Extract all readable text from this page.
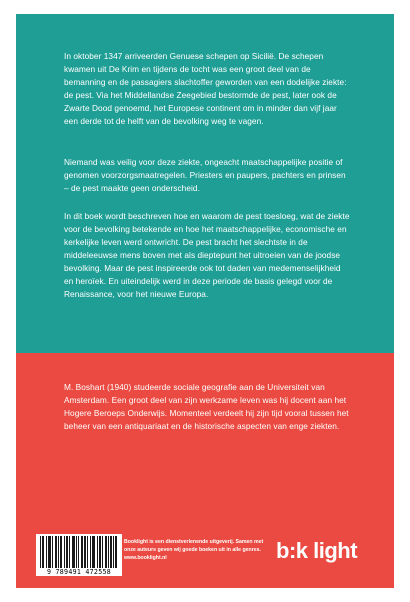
In oktober 1347 arriveerden Genuese schepen op Sicilië. De schepen kwamen uit De Krim en tijdens de tocht was een groot deel van de bemanning en de passagiers slachtoffer geworden van een dodelijke ziekte: de pest. Via het Middellandse Zeegebied bestormde de pest, later ook de Zwarte Dood genoemd, het Europese continent om in minder dan vijf jaar een derde tot de helft van de bevolking weg te vagen.

Niemand was veilig voor deze ziekte, ongeacht maatschappelijke positie of genomen voorzorgsmaatregelen. Priesters en paupers, pachters en prinsen – de pest maakte geen onderscheid.

In dit boek wordt beschreven hoe en waarom de pest toesloeg, wat de ziekte voor de bevolking betekende en hoe het maatschappelijke, economische en kerkelijke leven werd ontwricht. De pest bracht het slechtste in de middeleeuwse mens boven met als dieptepunt het uitroeien van de joodse bevolking. Maar de pest inspireerde ook tot daden van medemenselijkheid en heroïek. En uiteindelijk werd in deze periode de basis gelegd voor de Renaissance, voor het nieuwe Europa.

M. Boshart (1940) studeerde sociale geografie aan de Universiteit van Amsterdam. Een groot deel van zijn werkzame leven was hij docent aan het Hogere Beroeps Onderwijs. Momenteel verdeelt hij zijn tijd vooral tussen het beheer van een antiquariaat en de historische aspecten van enge ziekten.

9 789491 472558
Booklight is een dienstverlenende uitgeverij. Samen met onze auteurs geven wij goede boeken uit in alle genres.
www.booklight.nl	b:k light
